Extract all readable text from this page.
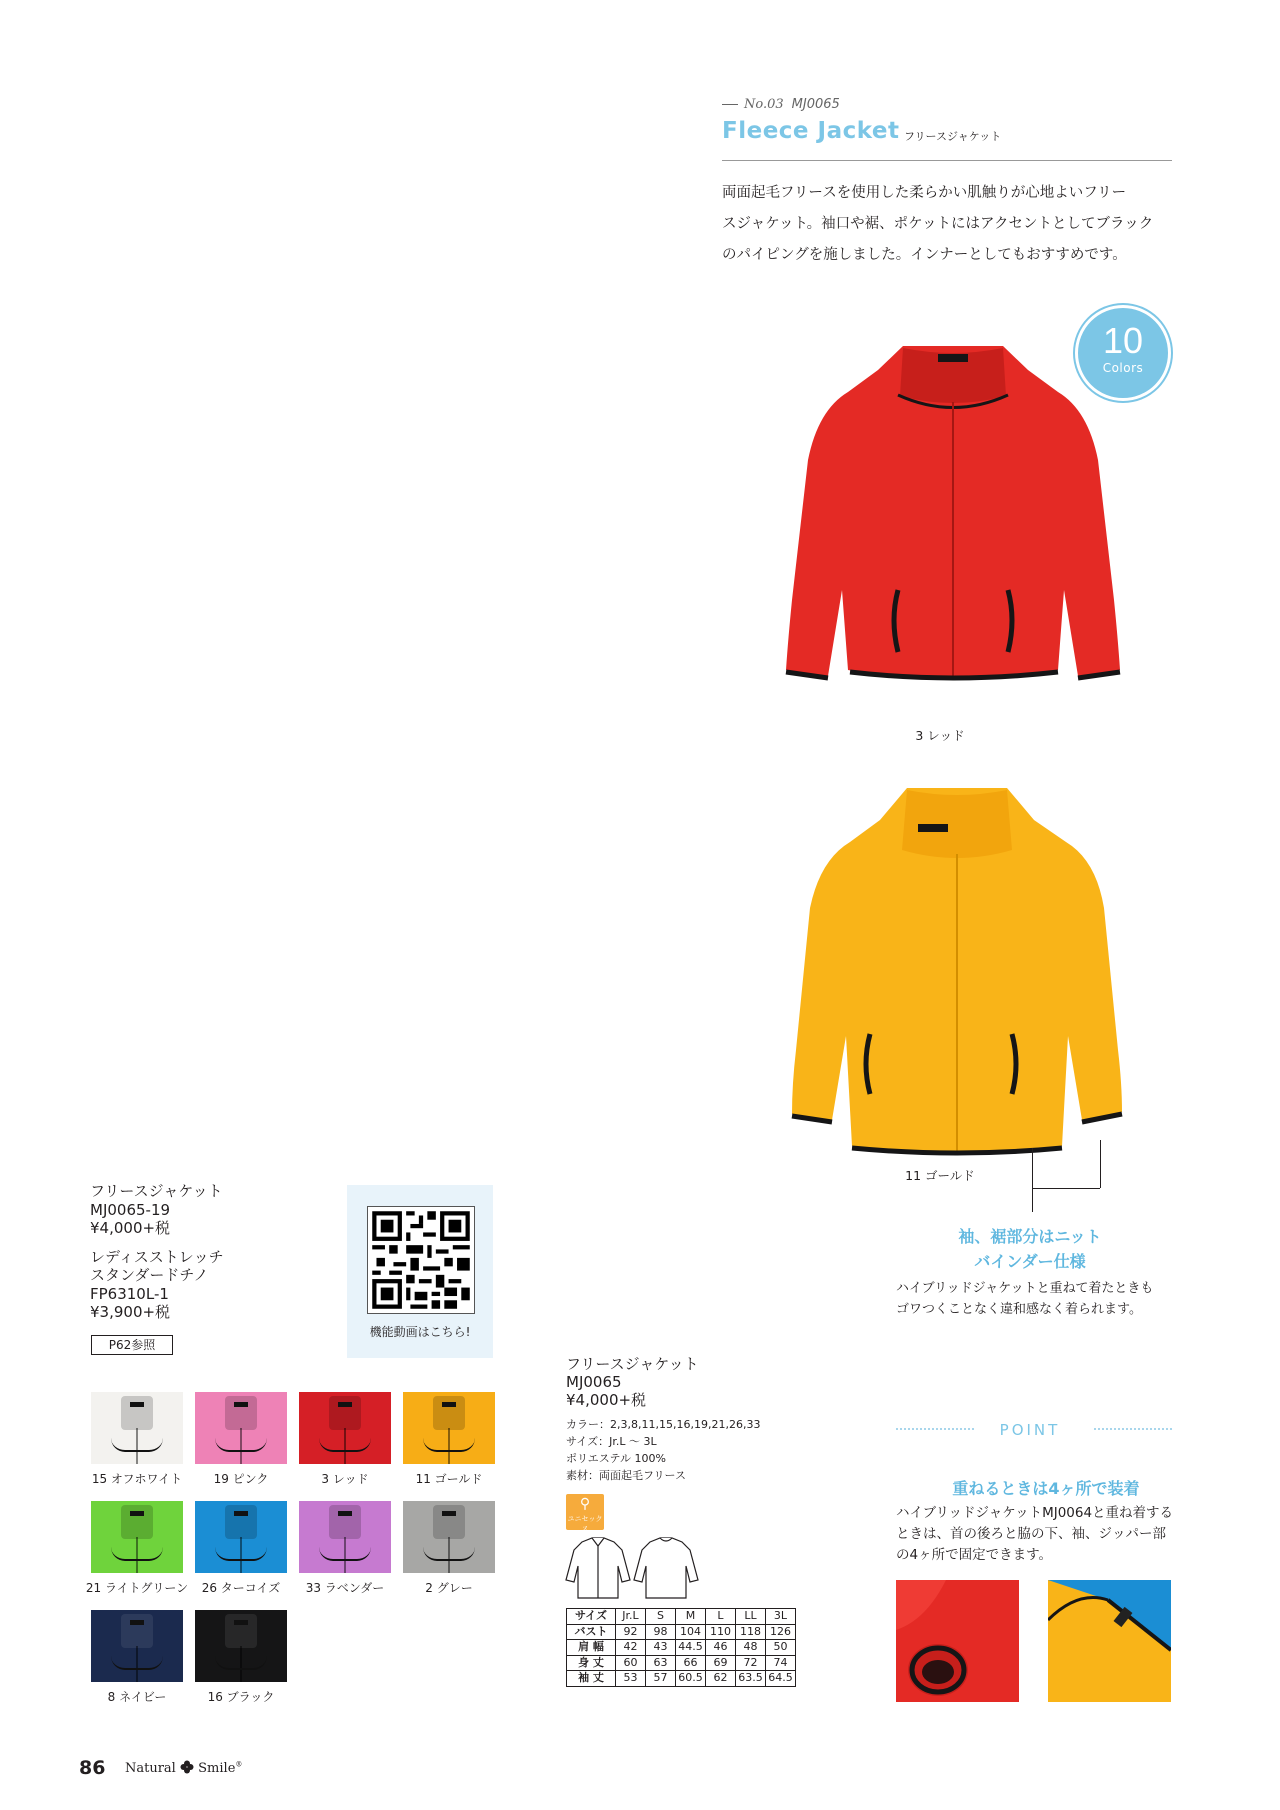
No.03 MJ0065
Fleece Jacket フリースジャケット
両面起毛フリースを使用した柔らかい肌触りが心地よいフリー
スジャケット。袖口や裾、ポケットにはアクセントとしてブラック
のパイピングを施しました。インナーとしてもおすすめです。
10
Colors
3 レッド
11 ゴールド
袖、裾部分はニット
バインダー仕様
ハイブリッドジャケットと重ねて着たときも
ゴワつくことなく違和感なく着られます。

フリースジャケット

MJ0065-19

¥4,000+税

レディスストレッチ

スタンダードチノ

FP6310L-1

¥3,900+税

P62参照
機能動画はこちら!
15 オフホワイト	19 ピンク	3 レッド	11 ゴールド
21 ライトグリーン	26 ターコイズ	33 ラベンダー	2 グレー
8 ネイビー	16 ブラック

フリースジャケット

MJ0065

¥4,000+税

カラー：2,3,8,11,15,16,19,21,26,33

サイズ：Jr.L 〜 3L

ポリエステル 100%

素材：両面起毛フリース

⚲
ユニセックス
サイズ	Jr.L	S	M	L	LL	3L
バスト	92	98	104	110	118	126
肩 幅	42	43	44.5	46	48	50
身 丈	60	63	66	69	72	74
袖 丈	53	57	60.5	62	63.5	64.5
POINT
重ねるときは4ヶ所で装着
ハイブリッドジャケットMJ0064と重ね着する
ときは、首の後ろと脇の下、袖、ジッパー部
の4ヶ所で固定できます。
86 Natural Smile®
